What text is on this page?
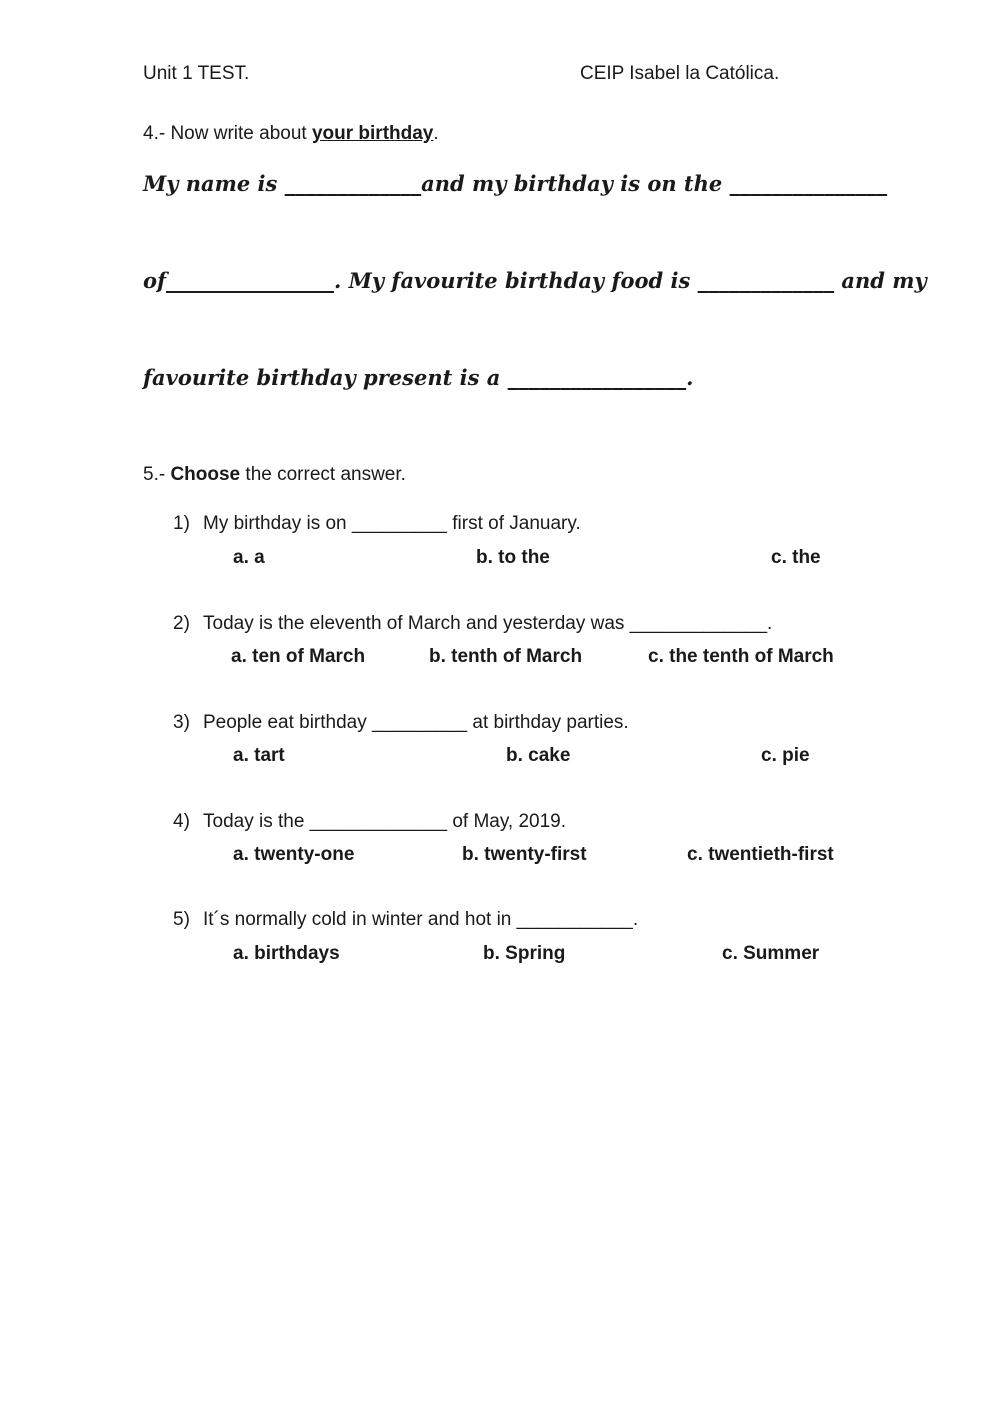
Unit 1 TEST.	CEIP Isabel la Católica.
4.- Now write about your birthday.
My name is _____________and my birthday is on the _______________
of________________. My favourite birthday food is _____________ and my
favourite birthday present is a _________________.
5.- Choose the correct answer.
1) My birthday is on _________ first of January.
a. a	b. to the	c. the
2) Today is the eleventh of March and yesterday was _____________.
a. ten of March	b. tenth of March	c. the tenth of March
3) People eat birthday _________ at birthday parties.
a. tart	b. cake	c. pie
4) Today is the _____________ of May, 2019.
a. twenty-one	b. twenty-first	c. twentieth-first
5) It´s normally cold in winter and hot in ___________.
a. birthdays	b. Spring	c. Summer
